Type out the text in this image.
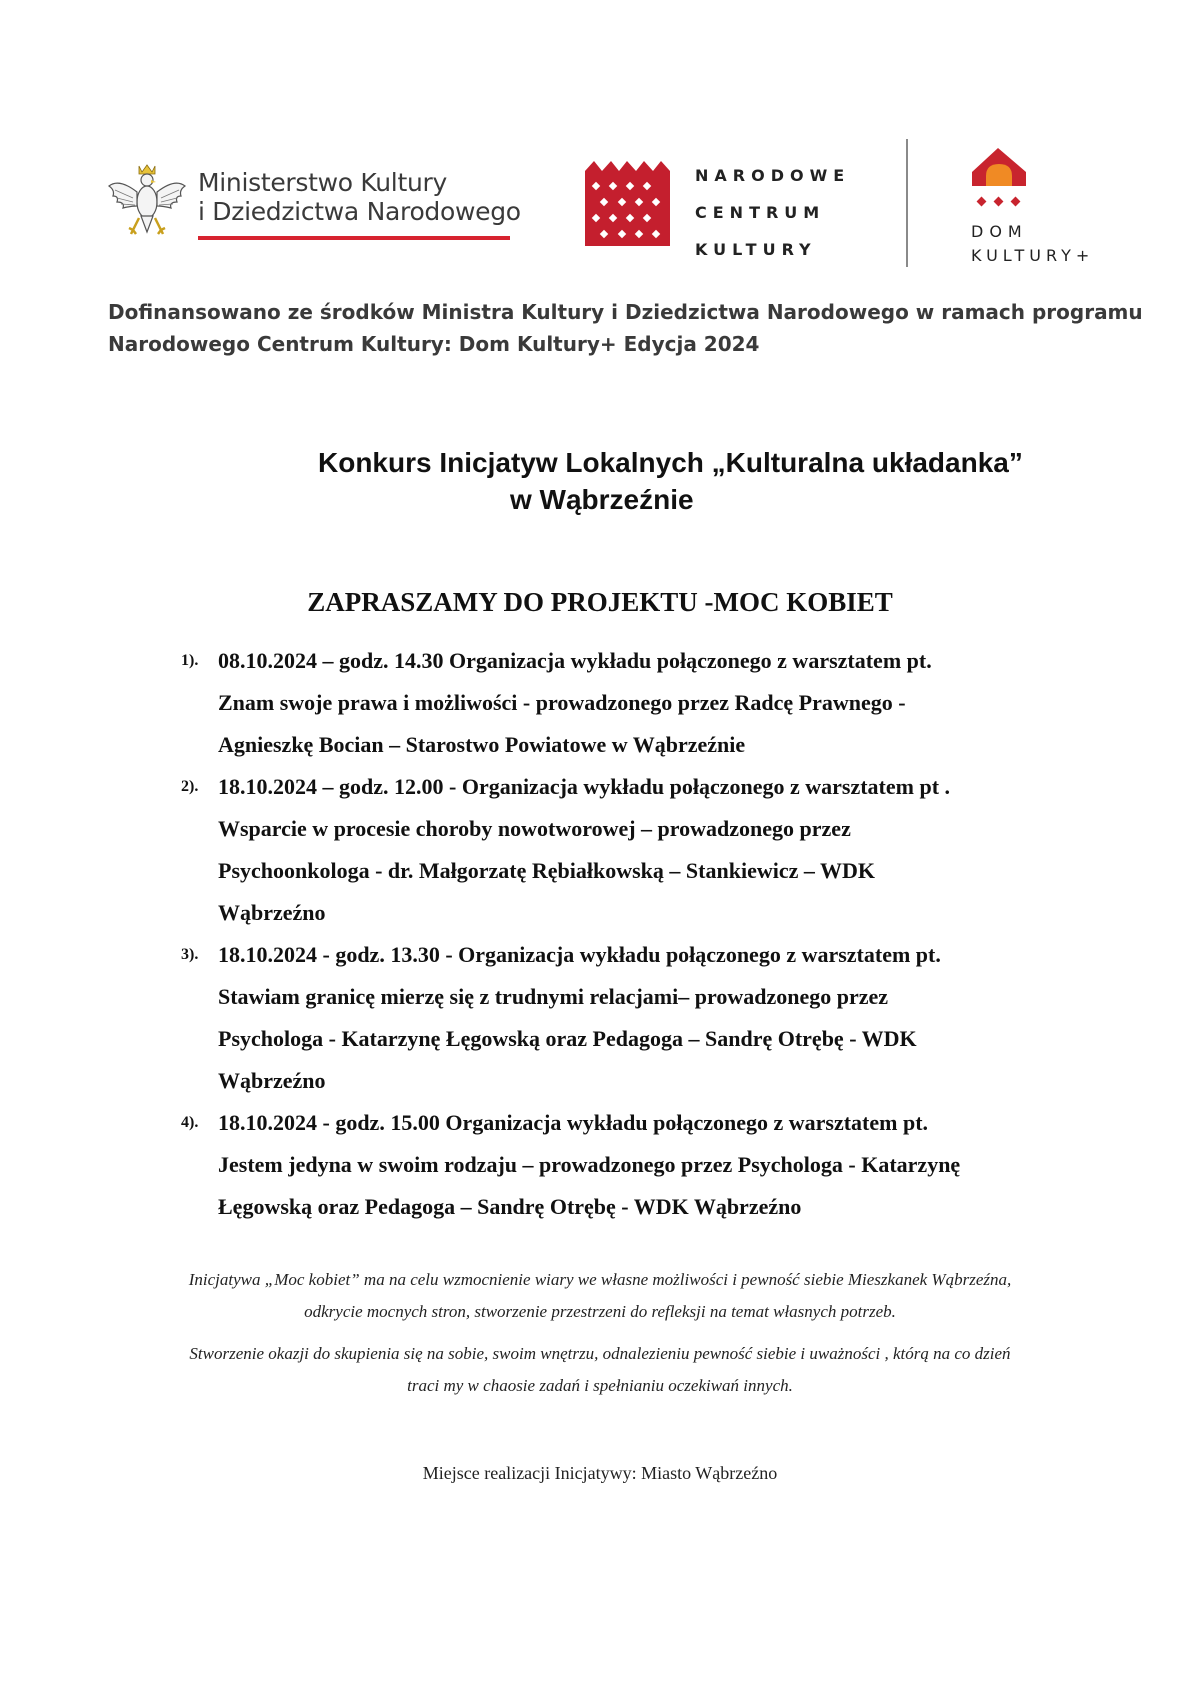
Ministerstwo Kultury
i Dziedzictwa Narodowego
NARODOWE
CENTRUM
KULTURY
DOM
KULTURY+
Dofinansowano ze środków Ministra Kultury i Dziedzictwa Narodowego w ramach programu
Narodowego Centrum Kultury: Dom Kultury+ Edycja 2024
Konkurs Inicjatyw Lokalnych „Kulturalna układanka”
w Wąbrzeźnie
ZAPRASZAMY DO PROJEKTU -MOC KOBIET
1). 08.10.2024 – godz. 14.30 Organizacja wykładu połączonego z warsztatem pt.
Znam swoje prawa i możliwości - prowadzonego przez Radcę Prawnego -
Agnieszkę Bocian – Starostwo Powiatowe w Wąbrzeźnie
2). 18.10.2024 – godz. 12.00 - Organizacja wykładu połączonego z warsztatem pt .
Wsparcie w procesie choroby nowotworowej – prowadzonego przez
Psychoonkologa - dr. Małgorzatę Rębiałkowską – Stankiewicz – WDK
Wąbrzeźno
3). 18.10.2024 - godz. 13.30 - Organizacja wykładu połączonego z warsztatem pt.
Stawiam granicę mierzę się z trudnymi relacjami– prowadzonego przez
Psychologa - Katarzynę Łęgowską oraz Pedagoga – Sandrę Otrębę - WDK
Wąbrzeźno
4). 18.10.2024 - godz. 15.00 Organizacja wykładu połączonego z warsztatem pt.
Jestem jedyna w swoim rodzaju – prowadzonego przez Psychologa - Katarzynę
Łęgowską oraz Pedagoga – Sandrę Otrębę - WDK Wąbrzeźno
Inicjatywa „Moc kobiet” ma na celu wzmocnienie wiary we własne możliwości i pewność siebie Mieszkanek Wąbrzeźna,
odkrycie mocnych stron, stworzenie przestrzeni do refleksji na temat własnych potrzeb.
Stworzenie okazji do skupienia się na sobie, swoim wnętrzu, odnalezieniu pewność siebie i uważności , którą na co dzień
traci my w chaosie zadań i spełnianiu oczekiwań innych.
Miejsce realizacji Inicjatywy: Miasto Wąbrzeźno
